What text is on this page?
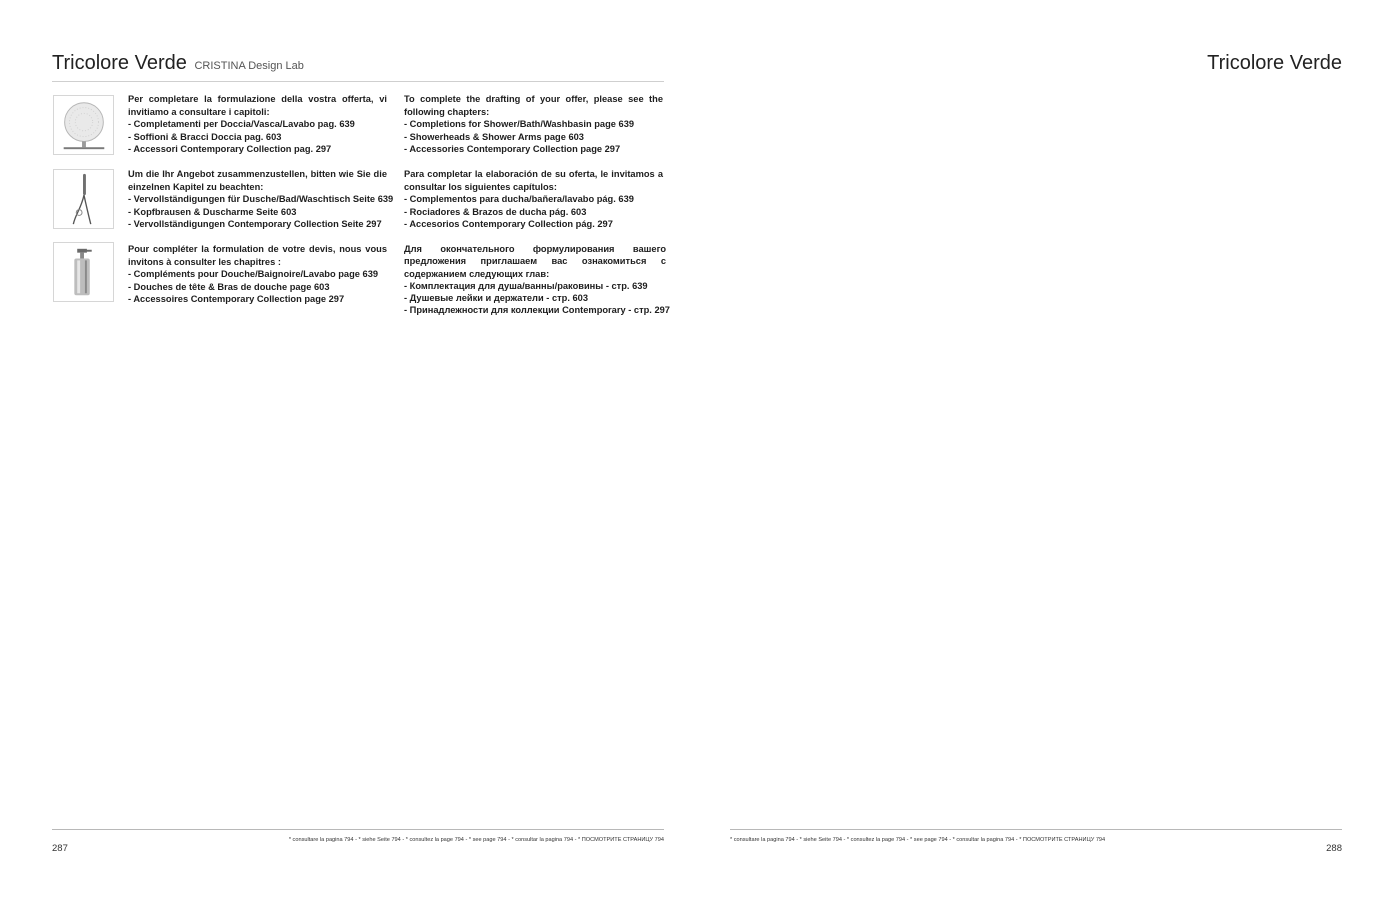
Tricolore Verde CRISTINA Design Lab	Tricolore Verde

Per completare la formulazione della vostra offerta, vi invitiamo a consultare i capitoli:

- Completamenti per Doccia/Vasca/Lavabo pag. 639

- Soffioni & Bracci Doccia pag. 603

- Accessori Contemporary Collection pag. 297

To complete the drafting of your offer, please see the following chapters:

- Completions for Shower/Bath/Washbasin page 639

- Showerheads & Shower Arms page 603

- Accessories Contemporary Collection page 297

Um die Ihr Angebot zusammenzustellen, bitten wie Sie die einzelnen Kapitel zu beachten:

- Vervollständigungen für Dusche/Bad/Waschtisch Seite 639

- Kopfbrausen & Duscharme Seite 603

- Vervollständigungen Contemporary Collection Seite 297

Para completar la elaboración de su oferta, le invitamos a consultar los siguientes capítulos:

- Complementos para ducha/bañera/lavabo pág. 639

- Rociadores & Brazos de ducha pág. 603

- Accesorios Contemporary Collection pág. 297

Pour compléter la formulation de votre devis, nous vous invitons à consulter les chapitres :

- Compléments pour Douche/Baignoire/Lavabo page 639

- Douches de tête & Bras de douche page 603

- Accessoires Contemporary Collection page 297

Для окончательного формулирования вашего предложения приглашаем вас ознакомиться с содержанием следующих глав:

- Комплектация для душа/ванны/раковины - стр. 639

- Душевые лейки и держатели - стр. 603

- Принадлежности для коллекции Contemporary - стр. 297

* consultare la pagina 794 - * siehe Seite 794 - * consultez la page 794 - * see page 794 - * consultar la pagina 794 - * ПОСМОТРИТЕ СТРАНИЦУ 794	* consultare la pagina 794 - * siehe Seite 794 - * consultez la page 794 - * see page 794 - * consultar la pagina 794 - * ПОСМОТРИТЕ СТРАНИЦУ 794
287	288
